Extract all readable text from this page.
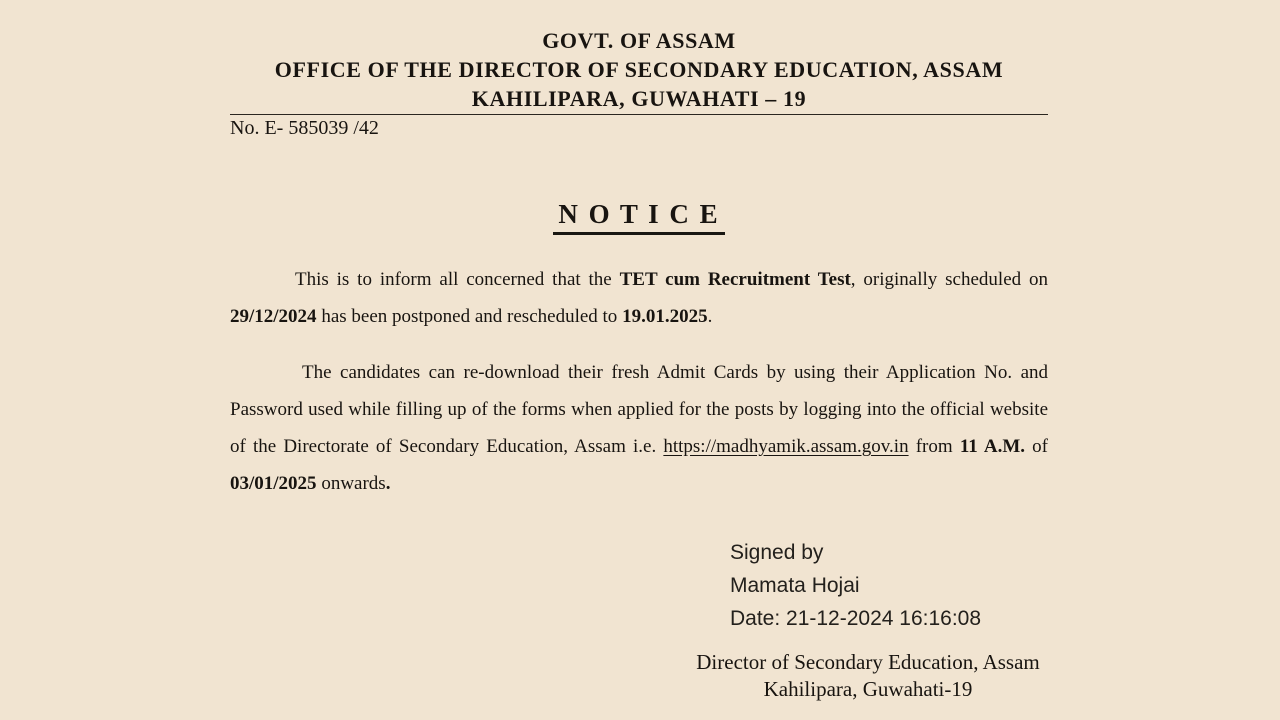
GOVT. OF ASSAM
OFFICE OF THE DIRECTOR OF SECONDARY EDUCATION, ASSAM
KAHILIPARA, GUWAHATI – 19
No. E- 585039 /42
N O T I C E

This is to inform all concerned that the TET cum Recruitment Test, originally scheduled on 29/12/2024 has been postponed and rescheduled to 19.01.2025.

The candidates can re-download their fresh Admit Cards by using their Application No. and Password used while filling up of the forms when applied for the posts by logging into the official website of the Directorate of Secondary Education, Assam i.e. https://madhyamik.assam.gov.in from 11 A.M. of 03/01/2025 onwards.

Signed by
Mamata Hojai
Date: 21-12-2024 16:16:08
Director of Secondary Education, Assam
Kahilipara, Guwahati-19
